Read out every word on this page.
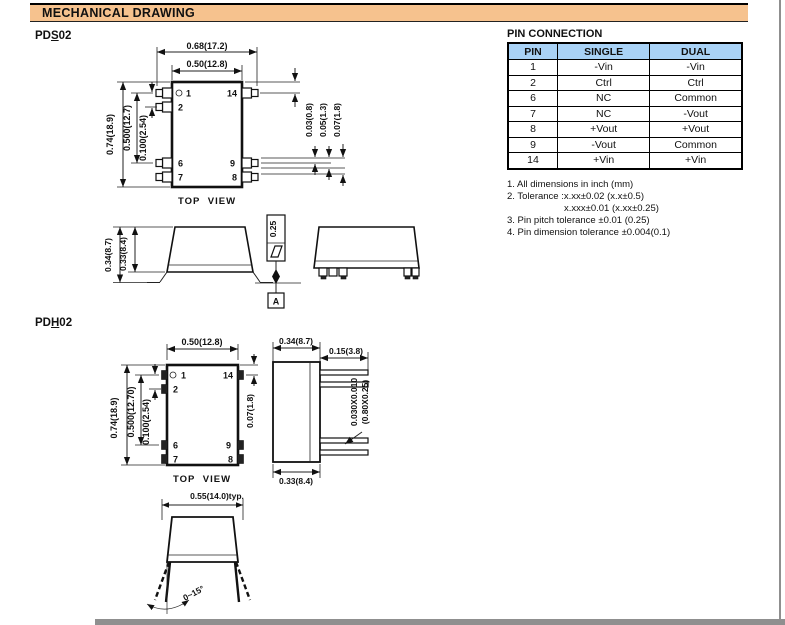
MECHANICAL DRAWING
PDS02
0.68(17.2)
0.50(12.8)
1
2
6
7
14
9
8
0.74(18.9) 0.500(12.7) 0.100(2.54)	0.03(0.8) 0.05(1.3) 0.07(1.8)
TOP VIEW
0.34(8.7) 0.33(8.4)
0.25
A
PIN CONNECTION
PIN	SINGLE	DUAL
1	-Vin	-Vin
2	Ctrl	Ctrl
6	NC	Common
7	NC	-Vout
8	+Vout	+Vout
9	-Vout	Common
14	+Vin	+Vin
1. All dimensions in inch (mm)
2. Tolerance :x.xx±0.02 (x.x±0.5)
x.xxx±0.01 (x.xx±0.25)
3. Pin pitch tolerance ±0.01 (0.25)
4. Pin dimension tolerance ±0.004(0.1)
PDH02
0.50(12.8)
1
2
6
7
14
9
8
0.74(18.9) 0.500(12.70) 0.100(2.54)	0.07(1.8)
TOP VIEW
0.34(8.7)
0.15(3.8)
0.030X0.010 (0.80X0.25)
0.33(8.4)
0.55(14.0)typ.
0~15°
